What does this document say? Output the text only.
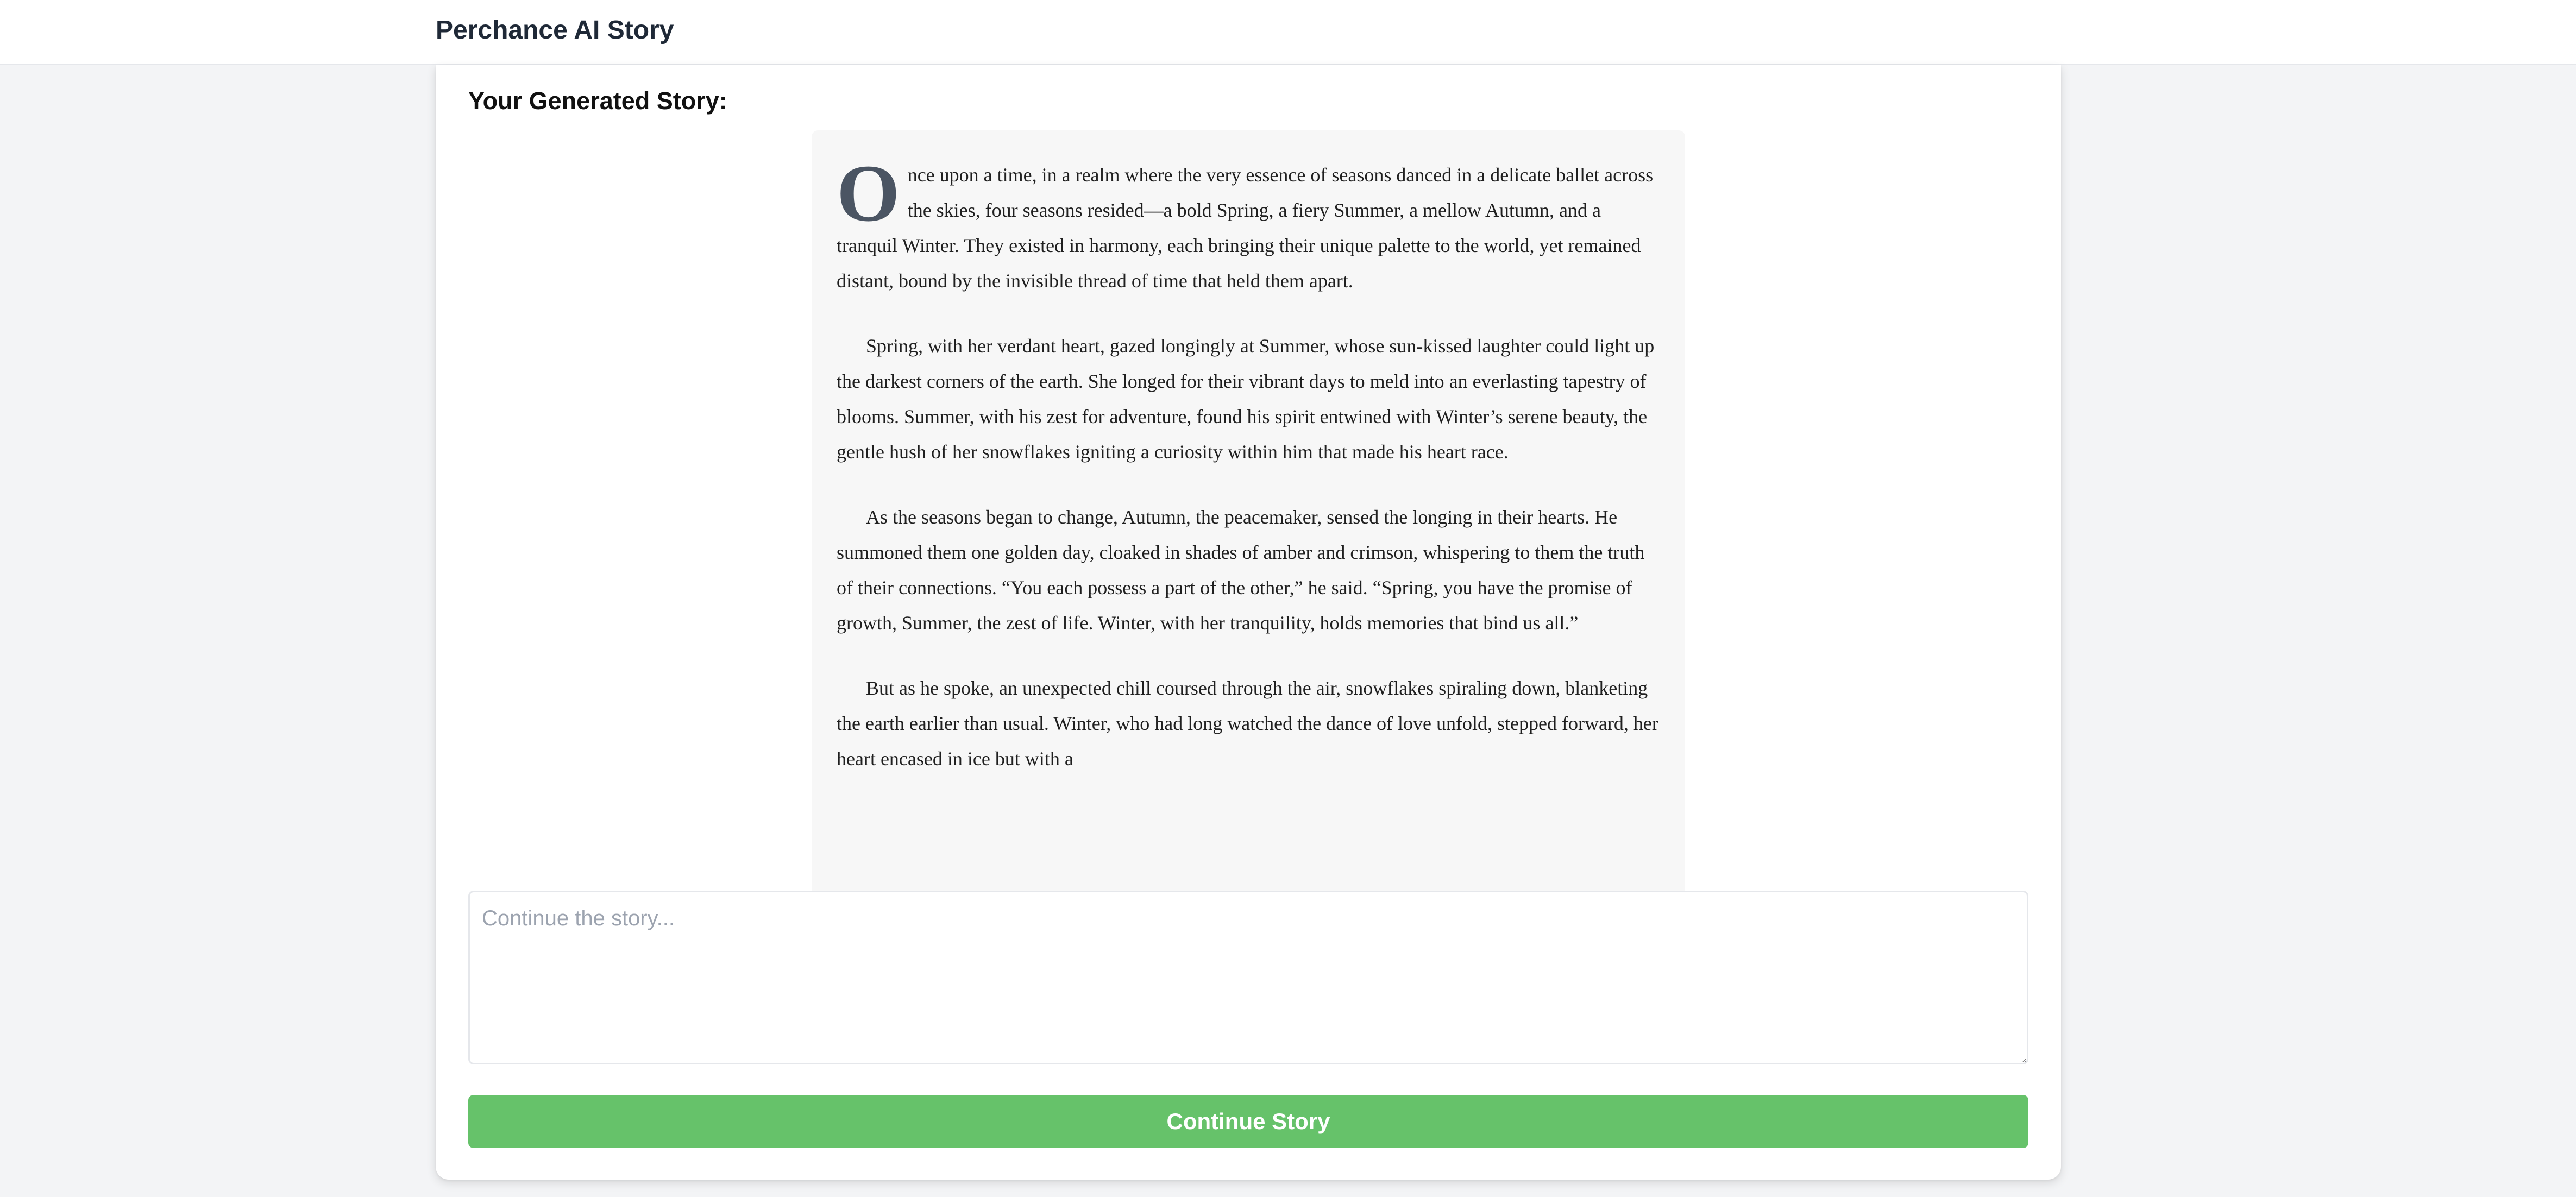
Perchance AI Story
Your Generated Story:

Once upon a time, in a realm where the very essence of seasons danced in a delicate ballet across the skies, four seasons resided—a bold Spring, a fiery Summer, a mellow Autumn, and a tranquil Winter. They existed in harmony, each bringing their unique palette to the world, yet remained distant, bound by the invisible thread of time that held them apart.

Spring, with her verdant heart, gazed longingly at Summer, whose sun-kissed laughter could light up the darkest corners of the earth. She longed for their vibrant days to meld into an everlasting tapestry of blooms. Summer, with his zest for adventure, found his spirit entwined with Winter’s serene beauty, the gentle hush of her snowflakes igniting a curiosity within him that made his heart race.

As the seasons began to change, Autumn, the peacemaker, sensed the longing in their hearts. He summoned them one golden day, cloaked in shades of amber and crimson, whispering to them the truth of their connections. “You each possess a part of the other,” he said. “Spring, you have the promise of growth, Summer, the zest of life. Winter, with her tranquility, holds memories that bind us all.”

But as he spoke, an unexpected chill coursed through the air, snowflakes spiraling down, blanketing the earth earlier than usual. Winter, who had long watched the dance of love unfold, stepped forward, her heart encased in ice but with a

Continue the story...
Continue Story
